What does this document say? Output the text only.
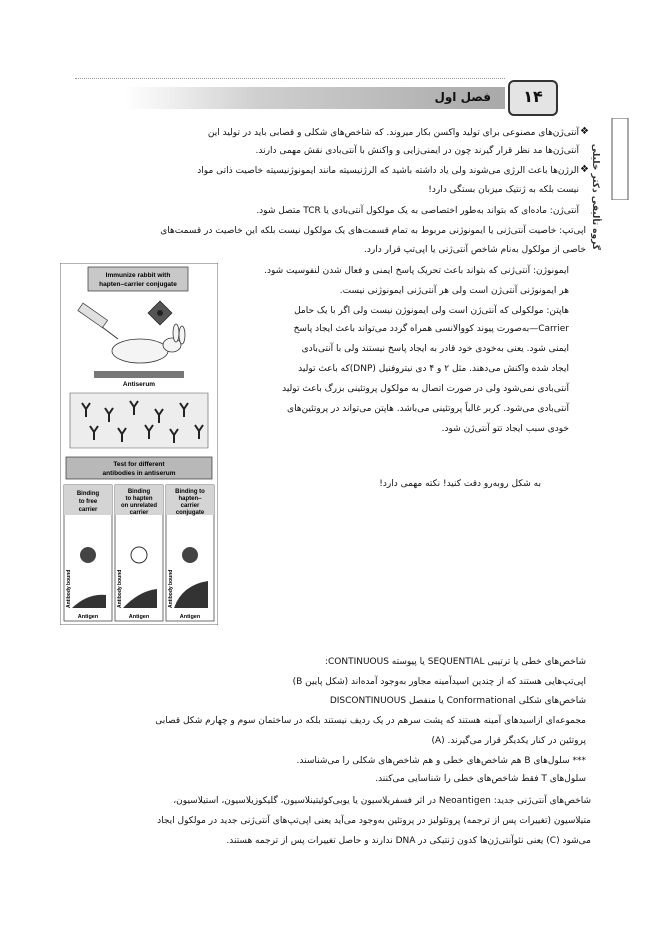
فصل اول	۱۴
گروه تألیفی دکتر خلیلی
❖
❖
آنتی‌ژن‌های مصنوعی برای تولید واکسن بکار میروند. که شاخص‌های شکلی و قصابی باید در تولید این
آنتی‌ژن‌ها مد نظر قرار گیرند چون در ایمنی‌زایی و واکنش با آنتی‌بادی نقش مهمی دارند.
الرژن‌ها باعث الرژی می‌شوند ولی یاد داشته باشید که الرژنیسیته مانند ایمونوژنیسیته خاصیت ذاتی مواد
نیست بلکه به ژنتیک میزبان بستگی دارد!
آنتی‌ژن: ماده‌ای که بتواند به‌طور اختصاصی به یک مولکول آنتی‌بادی یا TCR متصل شود.
اپی‌تپ: خاصیت آنتی‌ژنی یا ایمونوژنی مربوط به تمام قسمت‌های یک مولکول نیست بلکه این خاصیت در قسمت‌های
خاصی از مولکول به‌نام شاخص آنتی‌ژنی یا اپی‌تپ قرار دارد.
ایمونوژن: آنتی‌ژنی که بتواند باعث تحریک پاسخ ایمنی و فعال شدن لنفوسیت شود.
هر ایمونوژنی آنتی‌ژن است ولی هر آنتی‌ژنی ایمونوژنی نیست.
هاپتن: مولکولی که آنتی‌ژن است ولی ایمونوژن نیست ولی اگر با یک حامل
Carrier—به‌صورت پیوند کووالانسی همراه گردد می‌تواند باعث ایجاد پاسخ
ایمنی شود. یعنی به‌خودی خود قادر به ایجاد پاسخ نیستند ولی با آنتی‌بادی
ایجاد شده واکنش می‌دهند. مثل ۲ و ۴ دی نیتروفنیل (DNP)که باعث تولید
آنتی‌بادی نمی‌شود ولی در صورت اتصال به مولکول پروتئینی بزرگ باعث تولید
آنتی‌بادی می‌شود. کربر غالباً پروتئینی می‌باشد. هاپتن می‌تواند در پروتئین‌های
خودی سبب ایجاد تتو آنتی‌ژن شود.
به شکل روبه‌رو دقت کنید! نکته مهمی دارد!
شاخص‌های خطی یا ترتیبی SEQUENTIAL یا پیوسته CONTINUOUS:
اپی‌تپ‌هایی هستند که از چندین اسیدآمینه مجاور به‌وجود آمده‌اند (شکل پایین B)
شاخص‌های شکلی Conformational یا منفصل DISCONTINUOUS
مجموعه‌ای ازاسیدهای آمینه هستند که پشت سرهم در یک ردیف نیستند بلکه در ساختمان سوم و چهارم شکل قصابی
پروتئین در کنار یکدیگر قرار می‌گیرند. (A)
*** سلول‌های B هم شاخص‌های خطی و هم شاخص‌های شکلی را می‌شناسند.
سلول‌های T فقط شاخص‌های خطی را شناسایی می‌کنند.
شاخص‌های آنتی‌ژنی جدید: Neoantigen در اثر فسفریلاسیون یا یوبی‌کوئیتینلاسیون، گلیکوزیلاسیون، استیلاسیون،
متیلاسیون (تغییرات پس از ترجمه) پروتئولیز در پروتئین به‌وجود می‌آید یعنی اپی‌تپ‌های آنتی‌ژنی جدید در مولکول ایجاد
می‌شود (C) یعنی نئوآنتی‌ژن‌ها کدون ژنتیکی در DNA ندارند و حاصل تغییرات پس از ترجمه هستند.
Immunize rabbit with
hapten–carrier conjugate
Antiserum
Test for different
antibodies in antiserum
Binding
to free
carrier
Binding
to hapten
on unrelated
carrier
Binding to
hapten–
carrier
conjugate
Antigen	Antigen	Antigen
Antibody bound	Antibody bound	Antibody bound
